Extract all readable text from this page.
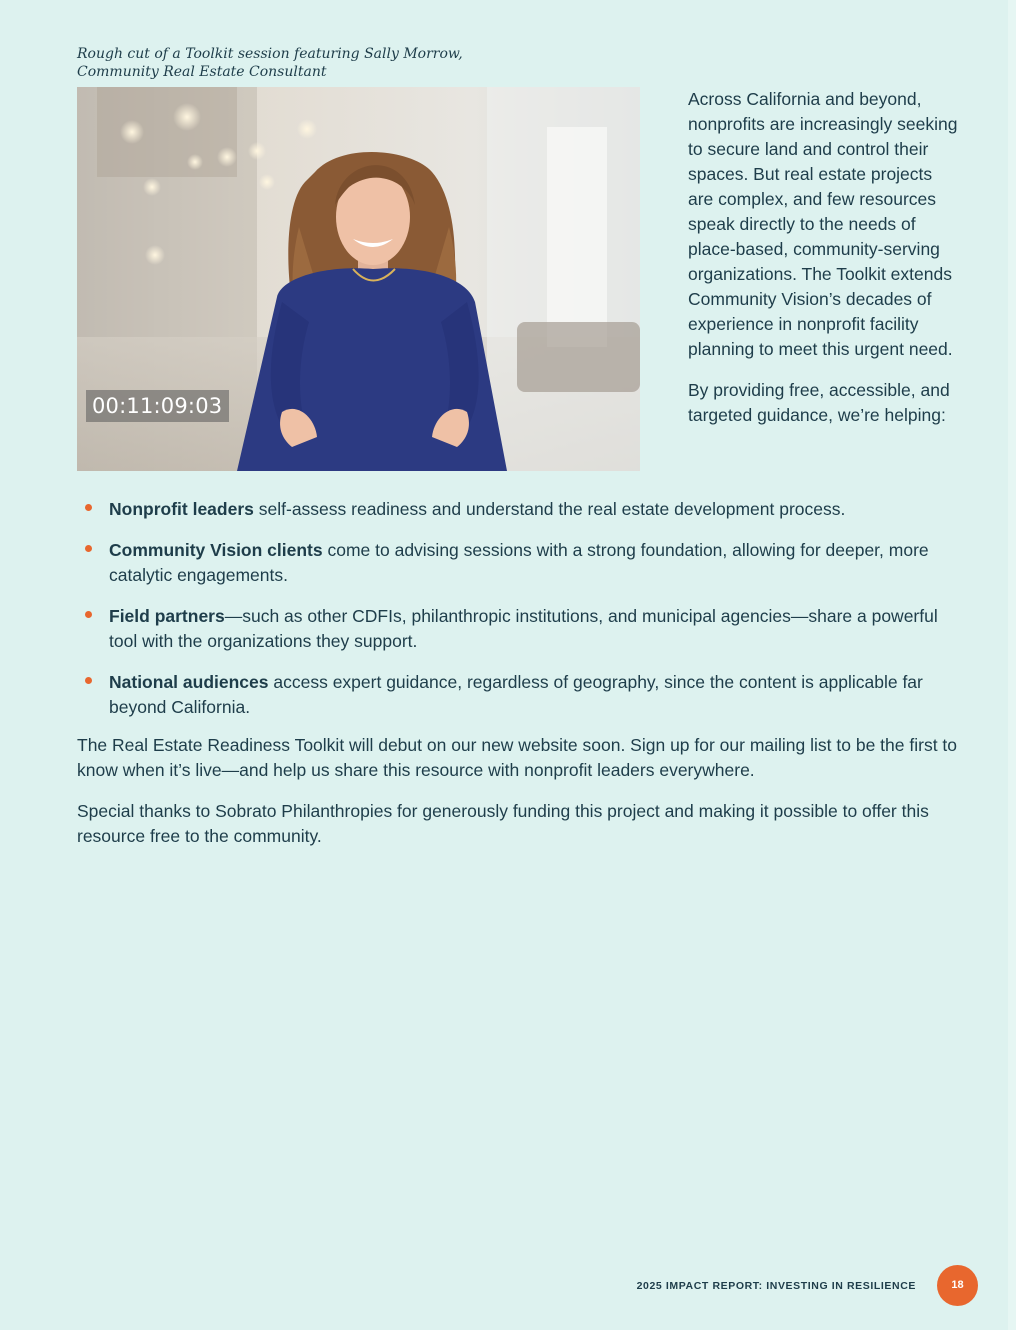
Rough cut of a Toolkit session featuring Sally Morrow,
Community Real Estate Consultant
00:11:09:03

Across California and beyond, nonprofits are increasingly seeking to secure land and control their spaces. But real estate projects are complex, and few resources speak directly to the needs of place-based, community-serving organizations. The Toolkit extends Community Vision’s decades of experience in nonprofit facility planning to meet this urgent need.

By providing free, accessible, and targeted guidance, we’re helping:

Nonprofit leaders self-assess readiness and understand the real estate development process.
Community Vision clients come to advising sessions with a strong foundation, allowing for deeper, more catalytic engagements.
Field partners—such as other CDFIs, philanthropic institutions, and municipal agencies—share a powerful tool with the organizations they support.
National audiences access expert guidance, regardless of geography, since the content is applicable far beyond California.

The Real Estate Readiness Toolkit will debut on our new website soon. Sign up for our mailing list to be the first to know when it’s live—and help us share this resource with nonprofit leaders everywhere.

Special thanks to Sobrato Philanthropies for generously funding this project and making it possible to offer this resource free to the community.

2025 IMPACT REPORT: INVESTING IN RESILIENCE	18
